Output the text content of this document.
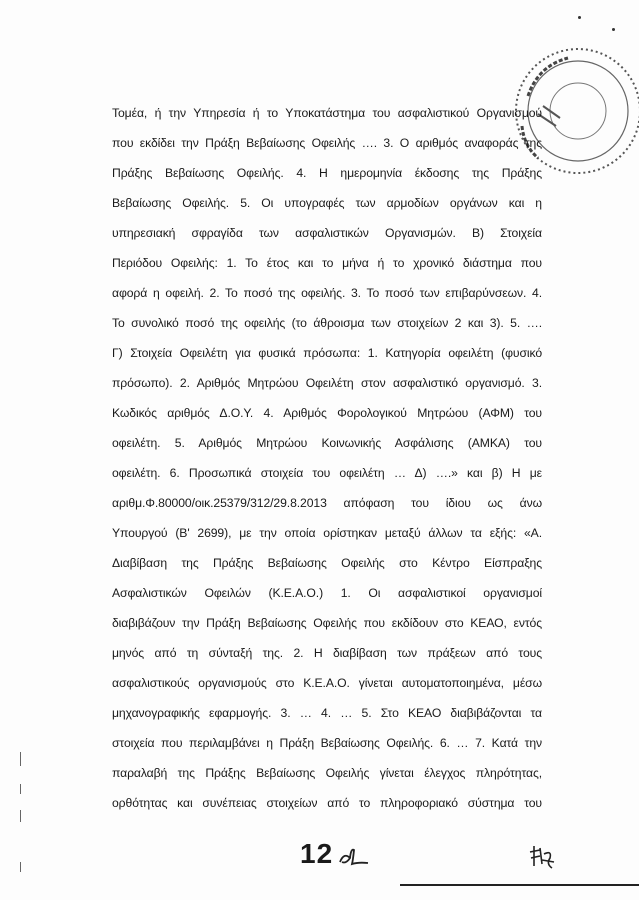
Τομέα, ή την Υπηρεσία ή το Υποκατάστημα του ασφαλιστικού Οργανισμού
που εκδίδει την Πράξη Βεβαίωσης Οφειλής …. 3. Ο αριθμός αναφοράς της
Πράξης Βεβαίωσης Οφειλής. 4. Η ημερομηνία έκδοσης της Πράξης
Βεβαίωσης Οφειλής. 5. Οι υπογραφές των αρμοδίων οργάνων και η
υπηρεσιακή σφραγίδα των ασφαλιστικών Οργανισμών. Β) Στοιχεία
Περιόδου Οφειλής: 1. Το έτος και το μήνα ή το χρονικό διάστημα που
αφορά η οφειλή. 2. Το ποσό της οφειλής. 3. Το ποσό των επιβαρύνσεων. 4.
Το συνολικό ποσό της οφειλής (το άθροισμα των στοιχείων 2 και 3). 5. ….
Γ) Στοιχεία Οφειλέτη για φυσικά πρόσωπα: 1. Κατηγορία οφειλέτη (φυσικό
πρόσωπο). 2. Αριθμός Μητρώου Οφειλέτη στον ασφαλιστικό οργανισμό. 3.
Κωδικός αριθμός Δ.Ο.Υ. 4. Αριθμός Φορολογικού Μητρώου (ΑΦΜ) του
οφειλέτη. 5. Αριθμός Μητρώου Κοινωνικής Ασφάλισης (ΑΜΚΑ) του
οφειλέτη. 6. Προσωπικά στοιχεία του οφειλέτη … Δ) ….» και β) Η με
αριθμ.Φ.80000/οικ.25379/312/29.8.2013 απόφαση του ίδιου ως άνω
Υπουργού (Β' 2699), με την οποία ορίστηκαν μεταξύ άλλων τα εξής: «Α.
Διαβίβαση της Πράξης Βεβαίωσης Οφειλής στο Κέντρο Είσπραξης
Ασφαλιστικών Οφειλών (Κ.Ε.Α.Ο.) 1. Οι ασφαλιστικοί οργανισμοί
διαβιβάζουν την Πράξη Βεβαίωσης Οφειλής που εκδίδουν στο ΚΕΑΟ, εντός
μηνός από τη σύνταξή της. 2. Η διαβίβαση των πράξεων από τους
ασφαλιστικούς οργανισμούς στο Κ.Ε.Α.Ο. γίνεται αυτοματοποιημένα, μέσω
μηχανογραφικής εφαρμογής. 3. … 4. … 5. Στο ΚΕΑΟ διαβιβάζονται τα
στοιχεία που περιλαμβάνει η Πράξη Βεβαίωσης Οφειλής. 6. … 7. Κατά την
παραλαβή της Πράξης Βεβαίωσης Οφειλής γίνεται έλεγχος πληρότητας,
ορθότητας και συνέπειας στοιχείων από το πληροφοριακό σύστημα του
12
